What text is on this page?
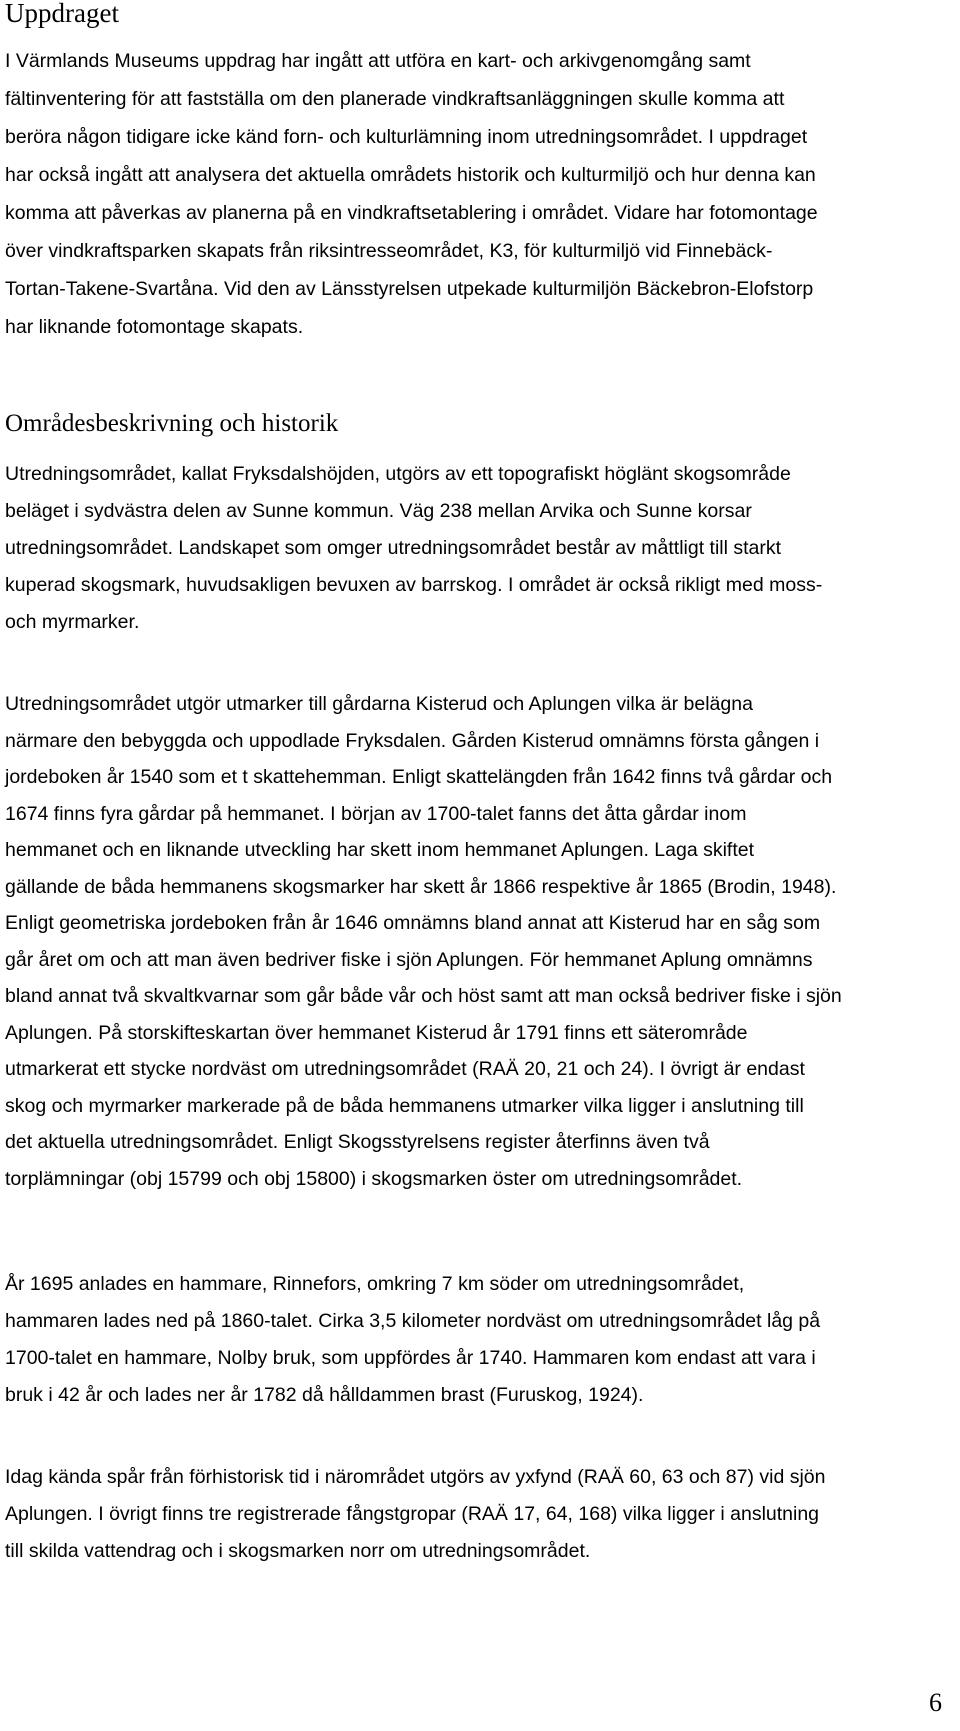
Uppdraget

I Värmlands Museums uppdrag har ingått att utföra en kart- och arkivgenomgång samt
fältinventering för att fastställa om den planerade vindkraftsanläggningen skulle komma att
beröra någon tidigare icke känd forn- och kulturlämning inom utredningsområdet. I uppdraget
har också ingått att analysera det aktuella områdets historik och kulturmiljö och hur denna kan
komma att påverkas av planerna på en vindkraftsetablering i området. Vidare har fotomontage
över vindkraftsparken skapats från riksintresseområdet, K3, för kulturmiljö vid Finnebäck-
Tortan-Takene-Svartåna. Vid den av Länsstyrelsen utpekade kulturmiljön Bäckebron-Elofstorp
har liknande fotomontage skapats.

Områdesbeskrivning och historik

Utredningsområdet, kallat Fryksdalshöjden, utgörs av ett topografiskt höglänt skogsområde
beläget i sydvästra delen av Sunne kommun. Väg 238 mellan Arvika och Sunne korsar
utredningsområdet. Landskapet som omger utredningsområdet består av måttligt till starkt
kuperad skogsmark, huvudsakligen bevuxen av barrskog. I området är också rikligt med moss-
och myrmarker.

Utredningsområdet utgör utmarker till gårdarna Kisterud och Aplungen vilka är belägna
närmare den bebyggda och uppodlade Fryksdalen. Gården Kisterud omnämns första gången i
jordeboken år 1540 som et t skattehemman. Enligt skattelängden från 1642 finns två gårdar och
1674 finns fyra gårdar på hemmanet. I början av 1700-talet fanns det åtta gårdar inom
hemmanet och en liknande utveckling har skett inom hemmanet Aplungen. Laga skiftet
gällande de båda hemmanens skogsmarker har skett år 1866 respektive år 1865 (Brodin, 1948).
Enligt geometriska jordeboken från år 1646 omnämns bland annat att Kisterud har en såg som
går året om och att man även bedriver fiske i sjön Aplungen. För hemmanet Aplung omnämns
bland annat två skvaltkvarnar som går både vår och höst samt att man också bedriver fiske i sjön
Aplungen. På storskifteskartan över hemmanet Kisterud år 1791 finns ett säterområde
utmarkerat ett stycke nordväst om utredningsområdet (RAÄ 20, 21 och 24). I övrigt är endast
skog och myrmarker markerade på de båda hemmanens utmarker vilka ligger i anslutning till
det aktuella utredningsområdet. Enligt Skogsstyrelsens register återfinns även två
torplämningar (obj 15799 och obj 15800) i skogsmarken öster om utredningsområdet.

År 1695 anlades en hammare, Rinnefors, omkring 7 km söder om utredningsområdet,
hammaren lades ned på 1860-talet. Cirka 3,5 kilometer nordväst om utredningsområdet låg på
1700-talet en hammare, Nolby bruk, som uppfördes år 1740. Hammaren kom endast att vara i
bruk i 42 år och lades ner år 1782 då hålldammen brast (Furuskog, 1924).

Idag kända spår från förhistorisk tid i närområdet utgörs av yxfynd (RAÄ 60, 63 och 87) vid sjön
Aplungen. I övrigt finns tre registrerade fångstgropar (RAÄ 17, 64, 168) vilka ligger i anslutning
till skilda vattendrag och i skogsmarken norr om utredningsområdet.

6
